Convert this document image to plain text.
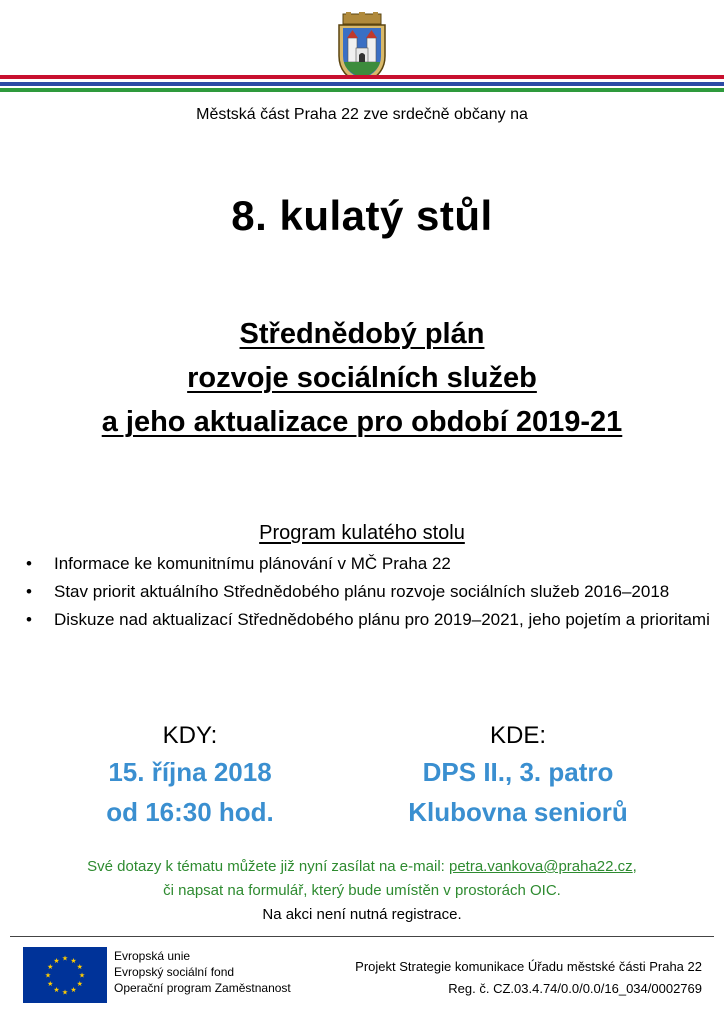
Městská část Praha 22 zve srdečně občany na
8. kulatý stůl
Střednědobý plán
rozvoje sociálních služeb
a jeho aktualizace pro období 2019-21
Program kulatého stolu
• Informace ke komunitnímu plánování v MČ Praha 22
• Stav priorit aktuálního Střednědobého plánu rozvoje sociálních služeb 2016–2018
• Diskuze nad aktualizací Střednědobého plánu pro 2019–2021, jeho pojetím a prioritami
KDY:	KDE:
15. října 2018
od 16:30 hod.
DPS II., 3. patro
Klubovna seniorů
Své dotazy k tématu můžete již nyní zasílat na e-mail: petra.vankova@praha22.cz,
či napsat na formulář, který bude umístěn v prostorách OIC.
Na akci není nutná registrace.
★ ★
★
★
★
★
★
★
★
★
★
★	Evropská unie
Evropský sociální fond
Operační program Zaměstnanost
Projekt Strategie komunikace Úřadu městské části Praha 22
Reg. č. CZ.03.4.74/0.0/0.0/16_034/0002769
